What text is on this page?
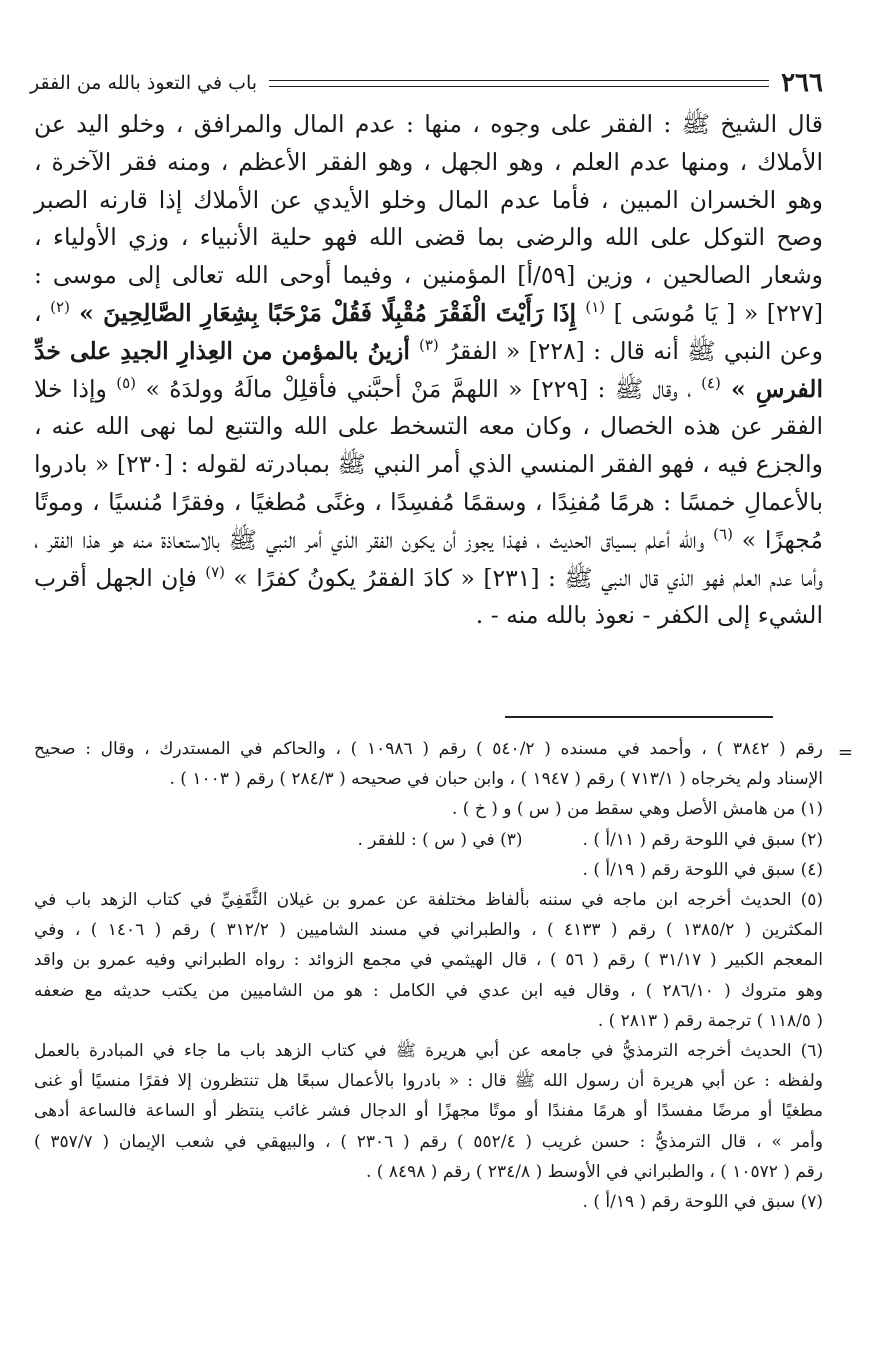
٢٦٦
باب في التعوذ بالله من الفقر

قال الشيخ ﷺ : الفقر على وجوه ، منها : عدم المال والمرافق ، وخلو اليد عن الأملاك ، ومنها عدم العلم ، وهو الجهل ، وهو الفقر الأعظم ، ومنه فقر الآخرة ، وهو الخسران المبين ، فأما عدم المال وخلو الأيدي عن الأملاك إذا قارنه الصبر وصح التوكل على الله والرضى بما قضى الله فهو حلية الأنبياء ، وزي الأولياء ، وشعار الصالحين ، وزين [٥٩/أ] المؤمنين ، وفيما أوحى الله تعالى إلى موسى : [٢٢٧] « [ يَا مُوسَى ] $^{(١)}$ إِذَا رَأَيْتَ الْفَقْرَ مُقْبِلًا فَقُلْ مَرْحَبًا بِشِعَارِ الصَّالِحِينَ » $^{(٢)}$ ، وعن النبي ﷺ أنه قال : [٢٢٨] « الفقرُ $^{(٣)}$ أزينُ بالمؤمن من العِذارِ الجيدِ على خدِّ الفرسِ » $^{(٤)}$ ، وقال ﷺ : [٢٢٩] « اللهمَّ مَنْ أحبَّني فأقلِلْ مالَهُ وولدَهُ » $^{(٥)}$ وإذا خلا الفقر عن هذه الخصال ، وكان معه التسخط على الله والتتبع لما نهى الله عنه ، والجزع فيه ، فهو الفقر المنسي الذي أمر النبي ﷺ بمبادرته لقوله : [٢٣٠] « بادروا بالأعمالِ خمسًا : هرمًا مُفنِدًا ، وسقمًا مُفسِدًا ، وغنًى مُطغيًا ، وفقرًا مُنسيًا ، وموتًا مُجهزًا » $^{(٦)}$ والله أعلم بسياق الحديث ، فهذا يجوز أن يكون الفقر الذي أمر النبي ﷺ بالاستعاذة منه هو هذا الفقر ، وأما عدم العلم فهو الذي قال النبي ﷺ : [٢٣١] « كادَ الفقرُ يكونُ كفرًا » $^{(٧)}$ فإن الجهل أقرب الشيء إلى الكفر - نعوذ بالله منه - .

=
رقم ( ٣٨٤٢ ) ، وأحمد في مسنده ( ٥٤٠/٢ ) رقم ( ١٠٩٨٦ ) ، والحاكم في المستدرك ، وقال : صحيح
الإسناد ولم يخرجاه ( ٧١٣/١ ) رقم ( ١٩٤٧ ) ، وابن حبان في صحيحه ( ٢٨٤/٣ ) رقم ( ١٠٠٣ ) .
(١) من هامش الأصل وهي سقط من ( س ) و ( خ ) .
(٢) سبق في اللوحة رقم ( ١١/أ ) .
(٣) في ( س ) : للفقر .
(٤) سبق في اللوحة رقم ( ١٩/أ ) .
(٥) الحديث أخرجه ابن ماجه في سننه بألفاظ مختلفة عن عمرو بن غيلان الثَّقَفِيِّ في كتاب الزهد باب في
المكثرين ( ١٣٨٥/٢ ) رقم ( ٤١٣٣ ) ، والطبراني في مسند الشاميين ( ٣١٢/٢ ) رقم ( ١٤٠٦ ) ، وفي
المعجم الكبير ( ٣١/١٧ ) رقم ( ٥٦ ) ، قال الهيثمي في مجمع الزوائد : رواه الطبراني وفيه عمرو بن واقد
وهو متروك ( ٢٨٦/١٠ ) ، وقال فيه ابن عدي في الكامل : هو من الشاميين من يكتب حديثه مع ضعفه
( ١١٨/٥ ) ترجمة رقم ( ٢٨١٣ ) .
(٦) الحديث أخرجه الترمذيُّ في جامعه عن أبي هريرة ﷺ في كتاب الزهد باب ما جاء في المبادرة بالعمل
ولفظه : عن أبي هريرة أن رسول الله ﷺ قال : « بادروا بالأعمال سبعًا هل تنتظرون إلا فقرًا منسيًا أو غنى
مطغيًا أو مرضًا مفسدًا أو هرمًا مفندًا أو موتًا مجهزًا أو الدجال فشر غائب ينتظر أو الساعة فالساعة أدهى
وأمر » ، قال الترمذيُّ : حسن غريب ( ٥٥٢/٤ ) رقم ( ٢٣٠٦ ) ، والبيهقي في شعب الإيمان ( ٣٥٧/٧ )
رقم ( ١٠٥٧٢ ) ، والطبراني في الأوسط ( ٢٣٤/٨ ) رقم ( ٨٤٩٨ ) .
(٧) سبق في اللوحة رقم ( ١٩/أ ) .
